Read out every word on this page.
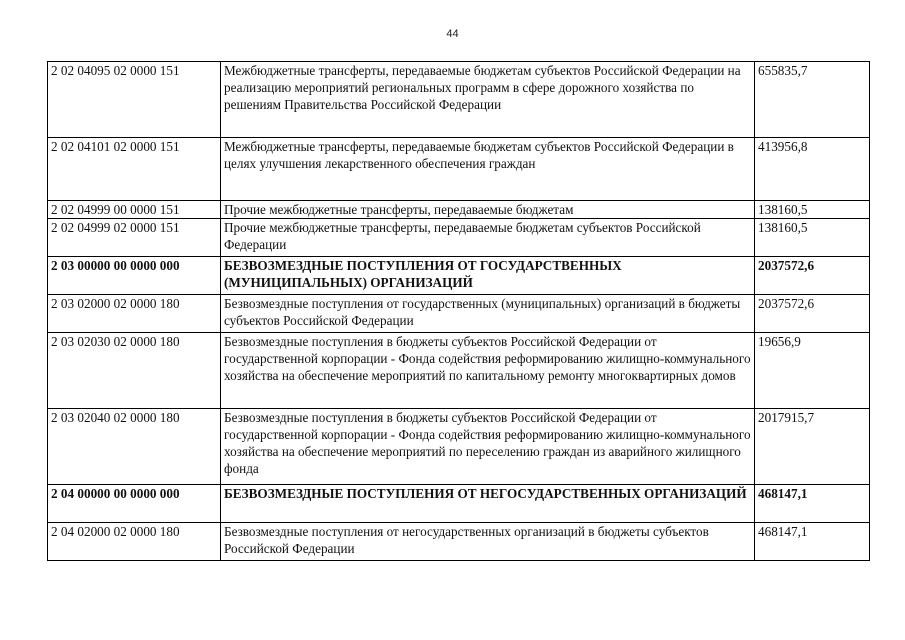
44
2 02 04095 02 0000 151	Межбюджетные трансферты, передаваемые бюджетам субъектов Российской Федерации на реализацию мероприятий региональных программ в сфере дорожного хозяйства по решениям Правительства Российской Федерации	655835,7
2 02 04101 02 0000 151	Межбюджетные трансферты, передаваемые бюджетам субъектов Российской Федерации в целях улучшения лекарственного обеспечения граждан	413956,8
2 02 04999 00 0000 151	Прочие межбюджетные трансферты, передаваемые бюджетам	138160,5
2 02 04999 02 0000 151	Прочие межбюджетные трансферты, передаваемые бюджетам субъектов Российской Федерации	138160,5
2 03 00000 00 0000 000	БЕЗВОЗМЕЗДНЫЕ ПОСТУПЛЕНИЯ ОТ ГОСУДАРСТВЕННЫХ (МУНИЦИПАЛЬНЫХ) ОРГАНИЗАЦИЙ	2037572,6
2 03 02000 02 0000 180	Безвозмездные поступления от государственных (муниципальных) организаций в бюджеты субъектов Российской Федерации	2037572,6
2 03 02030 02 0000 180	Безвозмездные поступления в бюджеты субъектов Российской Федерации от государственной корпорации - Фонда содействия реформированию жилищно-коммунального хозяйства на обеспечение мероприятий по капитальному ремонту многоквартирных домов	19656,9
2 03 02040 02 0000 180	Безвозмездные поступления в бюджеты субъектов Российской Федерации от государственной корпорации - Фонда содействия реформированию жилищно-коммунального хозяйства на обеспечение мероприятий по переселению граждан из аварийного жилищного фонда	2017915,7
2 04 00000 00 0000 000	БЕЗВОЗМЕЗДНЫЕ ПОСТУПЛЕНИЯ ОТ НЕГОСУДАРСТВЕННЫХ ОРГАНИЗАЦИЙ	468147,1
2 04 02000 02 0000 180	Безвозмездные поступления от негосударственных организаций в бюджеты субъектов Российской Федерации	468147,1
